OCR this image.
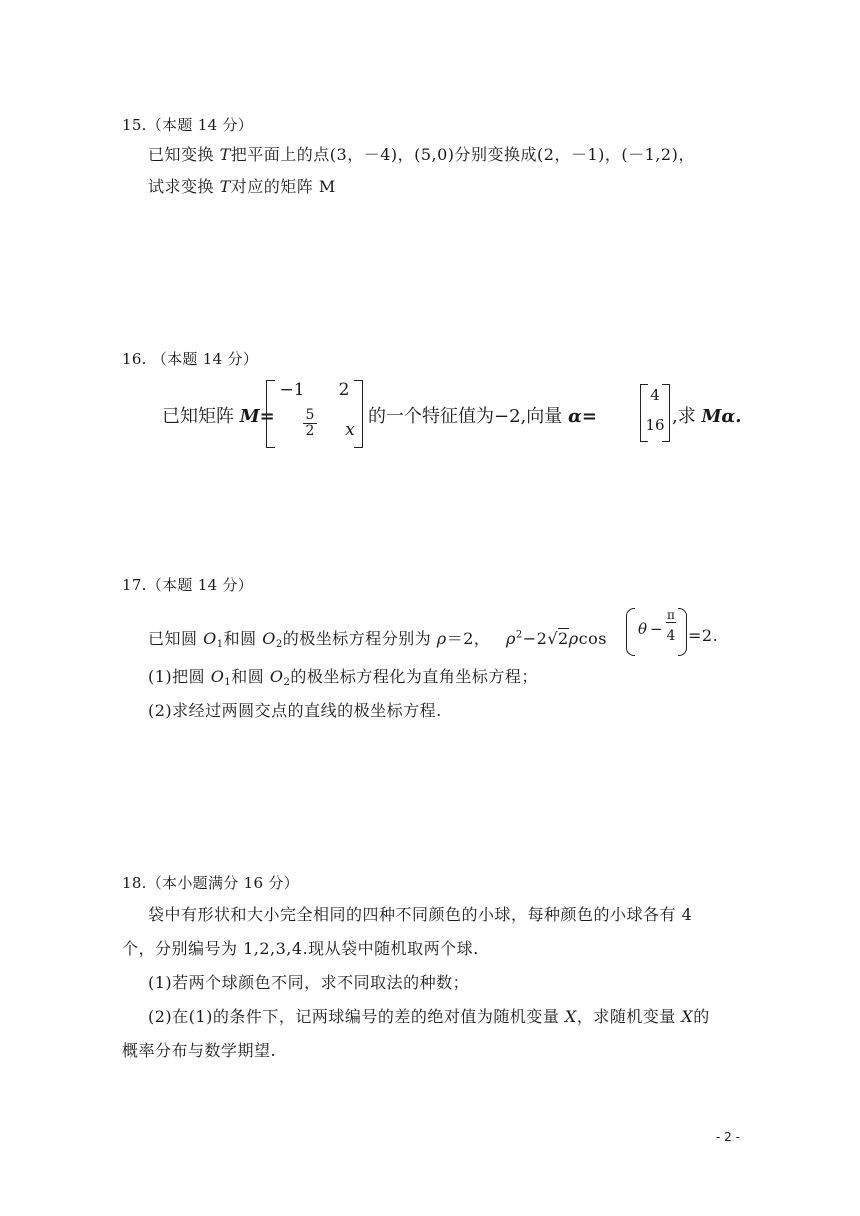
15.（本题 14 分）
已知变换 T把平面上的点(3，－4)，(5,0)分别变换成(2，－1)，(－1,2)，
试求变换 T对应的矩阵 M
16. （本题 14 分）
已知矩阵 M=
−1	2
$\frac{5}{2}$	x
的一个特征值为−2,向量 α=
4
16 ,求 Mα.
17.（本题 14 分）
已知圆 $O_1$和圆 $O_2$的极坐标方程分别为 ρ＝2， $\rho^2-2√2\rho\cos$ θ −
π
4 =2.
(1)把圆 $O_1$和圆 $O_2$的极坐标方程化为直角坐标方程；
(2)求经过两圆交点的直线的极坐标方程.
18.（本小题满分 16 分）
袋中有形状和大小完全相同的四种不同颜色的小球，每种颜色的小球各有 4
个，分别编号为 1,2,3,4.现从袋中随机取两个球.
(1)若两个球颜色不同，求不同取法的种数；
(2)在(1)的条件下，记两球编号的差的绝对值为随机变量 X，求随机变量 X的
概率分布与数学期望.
- 2 -
